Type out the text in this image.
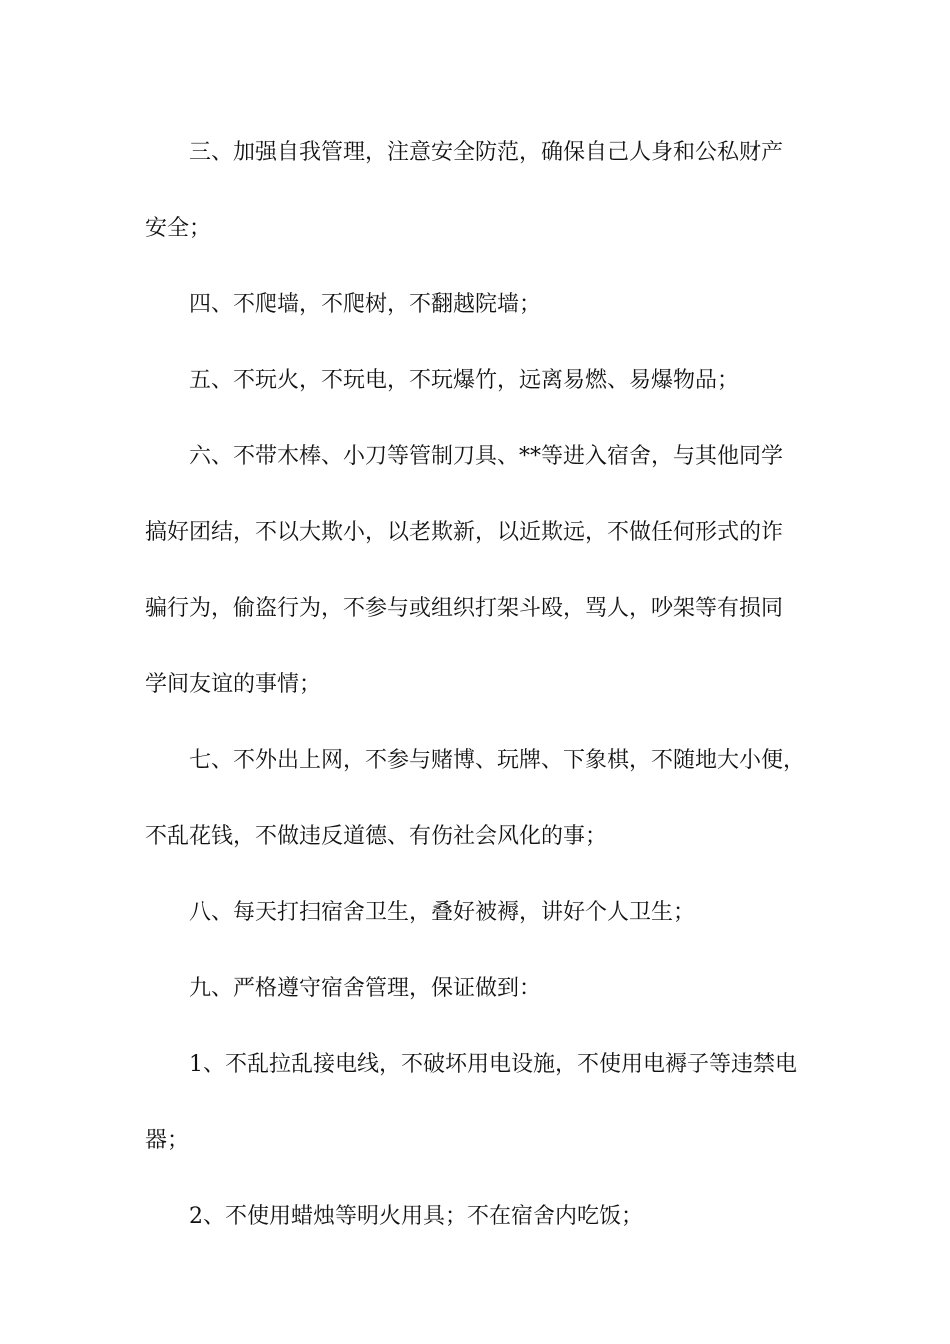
三、加强自我管理，注意安全防范，确保自己人身和公私财产
安全；
四、不爬墙，不爬树，不翻越院墙；
五、不玩火，不玩电，不玩爆竹，远离易燃、易爆物品；
六、不带木棒、小刀等管制刀具、**等进入宿舍，与其他同学
搞好团结，不以大欺小，以老欺新，以近欺远，不做任何形式的诈
骗行为，偷盗行为，不参与或组织打架斗殴，骂人，吵架等有损同
学间友谊的事情；
七、不外出上网，不参与赌博、玩牌、下象棋，不随地大小便，
不乱花钱，不做违反道德、有伤社会风化的事；
八、每天打扫宿舍卫生，叠好被褥，讲好个人卫生；
九、严格遵守宿舍管理，保证做到：
1、不乱拉乱接电线，不破坏用电设施，不使用电褥子等违禁电
器；
2、不使用蜡烛等明火用具；不在宿舍内吃饭；
